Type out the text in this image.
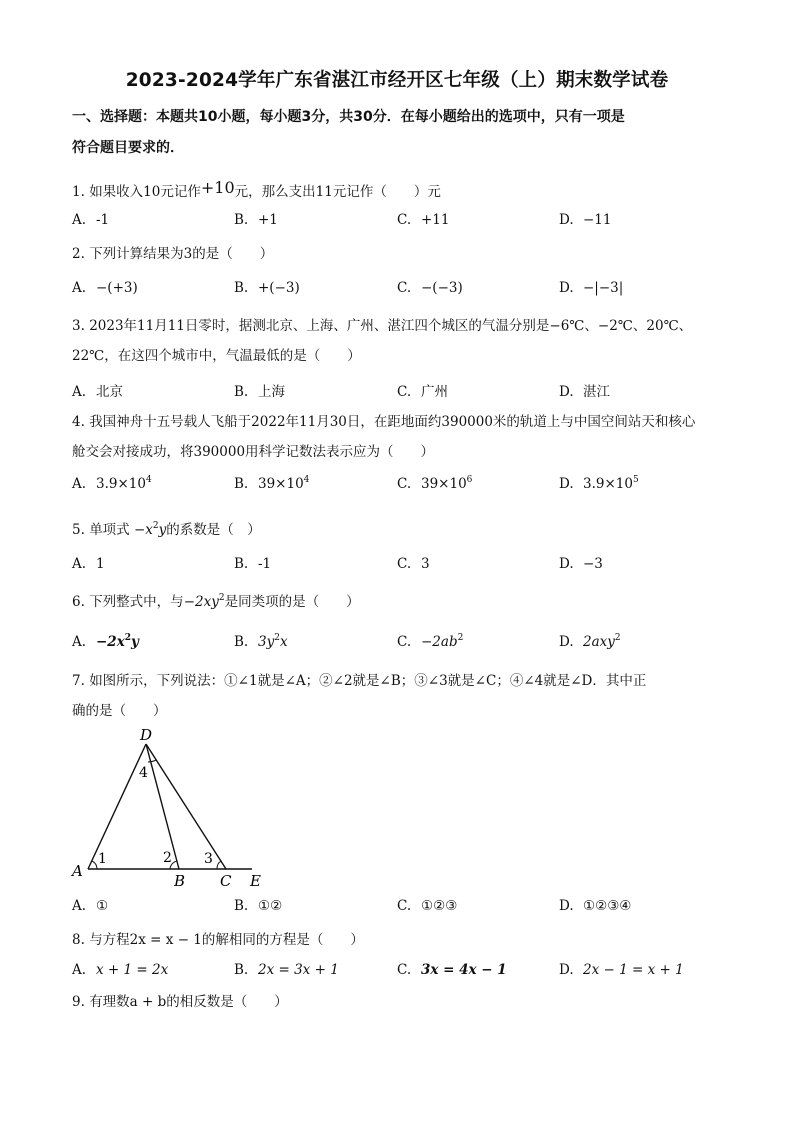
2023-2024学年广东省湛江市经开区七年级（上）期末数学试卷
一、选择题：本题共10小题，每小题3分，共30分．在每小题给出的选项中，只有一项是
符合题目要求的．
1. 如果收入10元记作+10元，那么支出11元记作（　　）元
A. -1	B. +1	C. +11	D. −11
2. 下列计算结果为3的是（　　）
A. −(+3)	B. +(−3)	C. −(−3)	D. −|−3|
3. 2023年11月11日零时，据测北京、上海、广州、湛江四个城区的气温分别是−6℃、−2℃、20℃、
22℃，在这四个城市中，气温最低的是（　　）
A. 北京	B. 上海	C. 广州	D. 湛江
4. 我国神舟十五号载人飞船于2022年11月30日，在距地面约390000米的轨道上与中国空间站天和核心
舱交会对接成功，将390000用科学记数法表示应为（　　）
A. $3.9\times 10^4$	B. $39\times 10^4$	C. $39\times 10^6$	D. $3.9\times 10^5$
5. 单项式 $-x^2y$的系数是（　）
A. 1	B. -1	C. 3	D. −3
6. 下列整式中，与$-2xy^2$是同类项的是（　　）
A. $-2x^2y$	B. $3y^2x$	C. $-2ab^2$	D. 2axy$^2$
7. 如图所示，下列说法：①∠1就是∠A；②∠2就是∠B；③∠3就是∠C；④∠4就是∠D．其中正
确的是（　　）
D
A
B C E
1	2 3
4
A. ①	B. ①②	C. ①②③	D. ①②③④
8. 与方程2x = x − 1的解相同的方程是（　　）
A. x + 1 = 2x	B. 2x = 3x + 1	C. 3x = 4x − 1	D. 2x − 1 = x + 1
9. 有理数a + b的相反数是（　　）
